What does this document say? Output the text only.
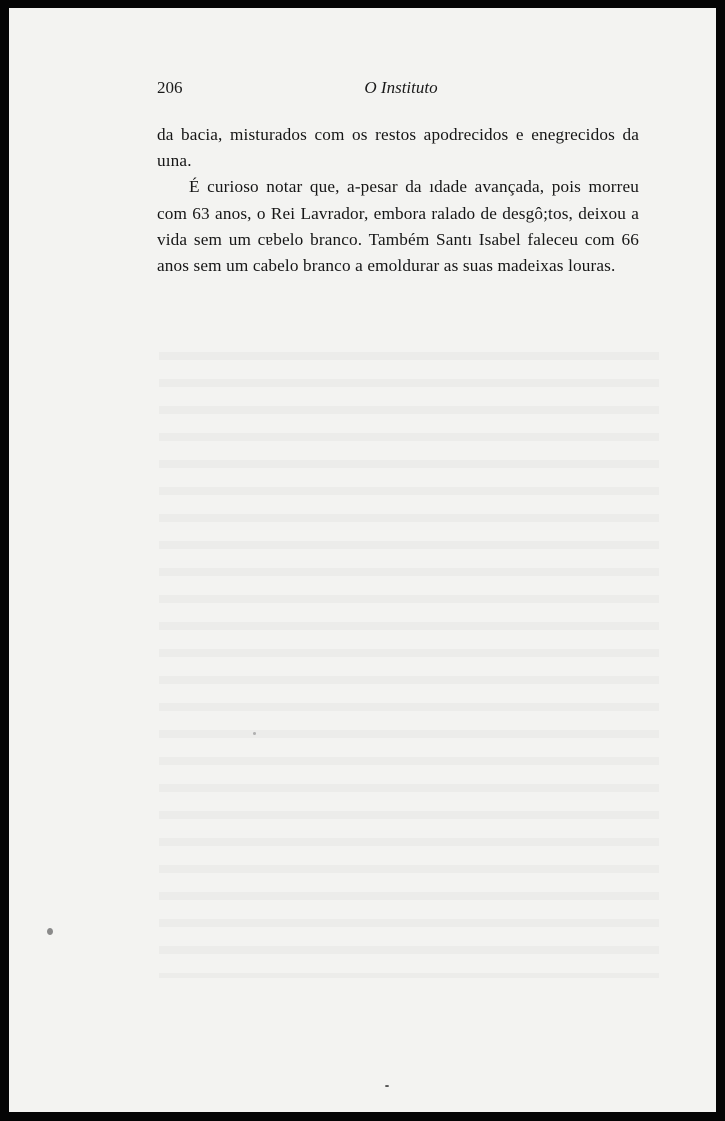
206	O Instituto

da bacia, misturados com os restos apodrecidos e enegrecidos da uına.

É curioso notar que, a-pesar da ıdade avançada, pois morreu com 63 anos, o Rei Lavrador, embora ralado de desgô;tos, deixou a vida sem um cɐbelo branco. Também Santı Isabel faleceu com 66 anos sem um cabelo branco a emoldurar as suas madeixas louras.
